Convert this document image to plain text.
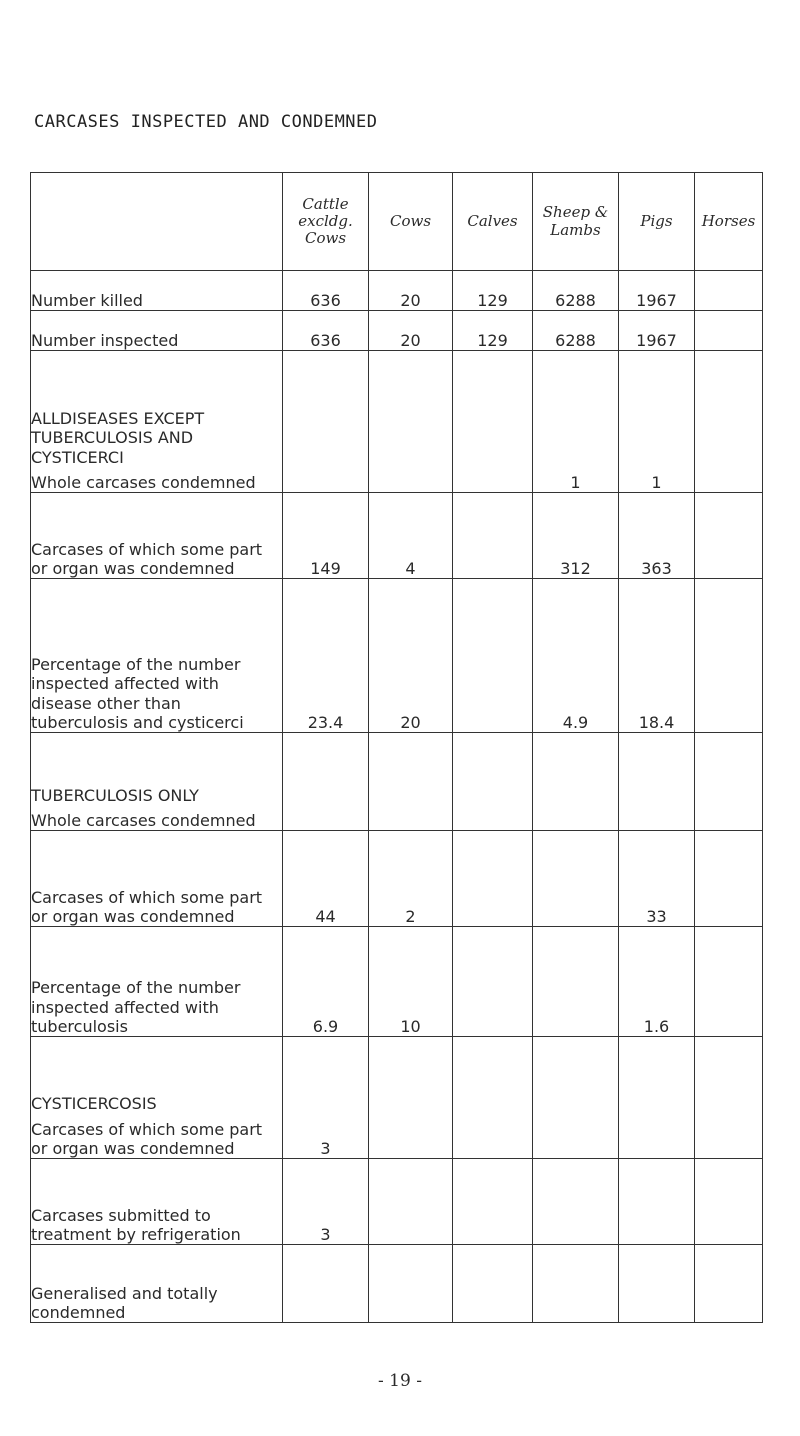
CARCASES INSPECTED AND CONDEMNED
	Cattle excldg. Cows	Cows	Calves	Sheep & Lambs	Pigs	Horses
Number killed	636	20	129	6288	1967	
Number inspected	636	20	129	6288	1967	

ALLDISEASES EXCEPT TUBERCULOSIS AND CYSTICERCI
Whole carcases condemned				1	1	
Carcases of which some part or organ was condemned	149	4		312	363	
Percentage of the number inspected affected with disease other than tuberculosis and cysticerci	23.4	20		4.9	18.4	

TUBERCULOSIS ONLY
Whole carcases condemned						

Carcases of which some part or organ was condemned	44	2			33	
Percentage of the number inspected affected with tuberculosis	6.9	10			1.6	

CYSTICERCOSIS
Carcases of which some part or organ was condemned	3					
Carcases submitted to treatment by refrigeration	3					
Generalised and totally condemned						
- 19 -
